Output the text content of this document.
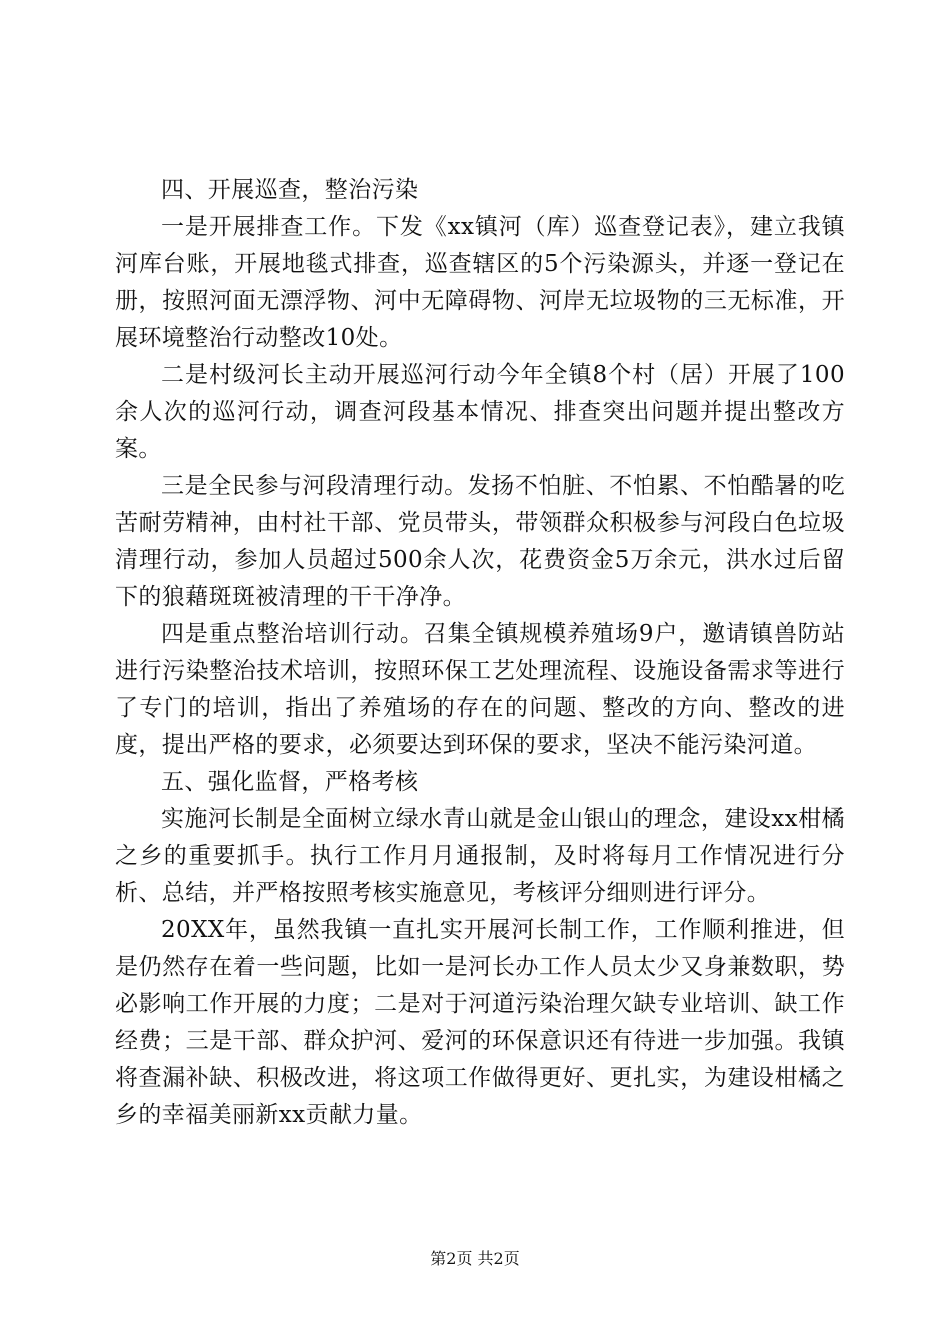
四、开展巡查，整治污染

一是开展排查工作。下发《xx镇河（库）巡查登记表》，建立我镇河库台账，开展地毯式排查，巡查辖区的5个污染源头，并逐一登记在册，按照河面无漂浮物、河中无障碍物、河岸无垃圾物的三无标准，开展环境整治行动整改10处。

二是村级河长主动开展巡河行动今年全镇8个村（居）开展了100余人次的巡河行动，调查河段基本情况、排查突出问题并提出整改方案。

三是全民参与河段清理行动。发扬不怕脏、不怕累、不怕酷暑的吃苦耐劳精神，由村社干部、党员带头，带领群众积极参与河段白色垃圾清理行动，参加人员超过500余人次，花费资金5万余元，洪水过后留下的狼藉斑斑被清理的干干净净。

四是重点整治培训行动。召集全镇规模养殖场9户，邀请镇兽防站进行污染整治技术培训，按照环保工艺处理流程、设施设备需求等进行了专门的培训，指出了养殖场的存在的问题、整改的方向、整改的进度，提出严格的要求，必须要达到环保的要求，坚决不能污染河道。

五、强化监督，严格考核

实施河长制是全面树立绿水青山就是金山银山的理念，建设xx柑橘之乡的重要抓手。执行工作月月通报制，及时将每月工作情况进行分析、总结，并严格按照考核实施意见，考核评分细则进行评分。

20XX年，虽然我镇一直扎实开展河长制工作，工作顺利推进，但是仍然存在着一些问题，比如一是河长办工作人员太少又身兼数职，势必影响工作开展的力度；二是对于河道污染治理欠缺专业培训、缺工作经费；三是干部、群众护河、爱河的环保意识还有待进一步加强。我镇将查漏补缺、积极改进，将这项工作做得更好、更扎实，为建设柑橘之乡的幸福美丽新xx贡献力量。

第2页 共2页
